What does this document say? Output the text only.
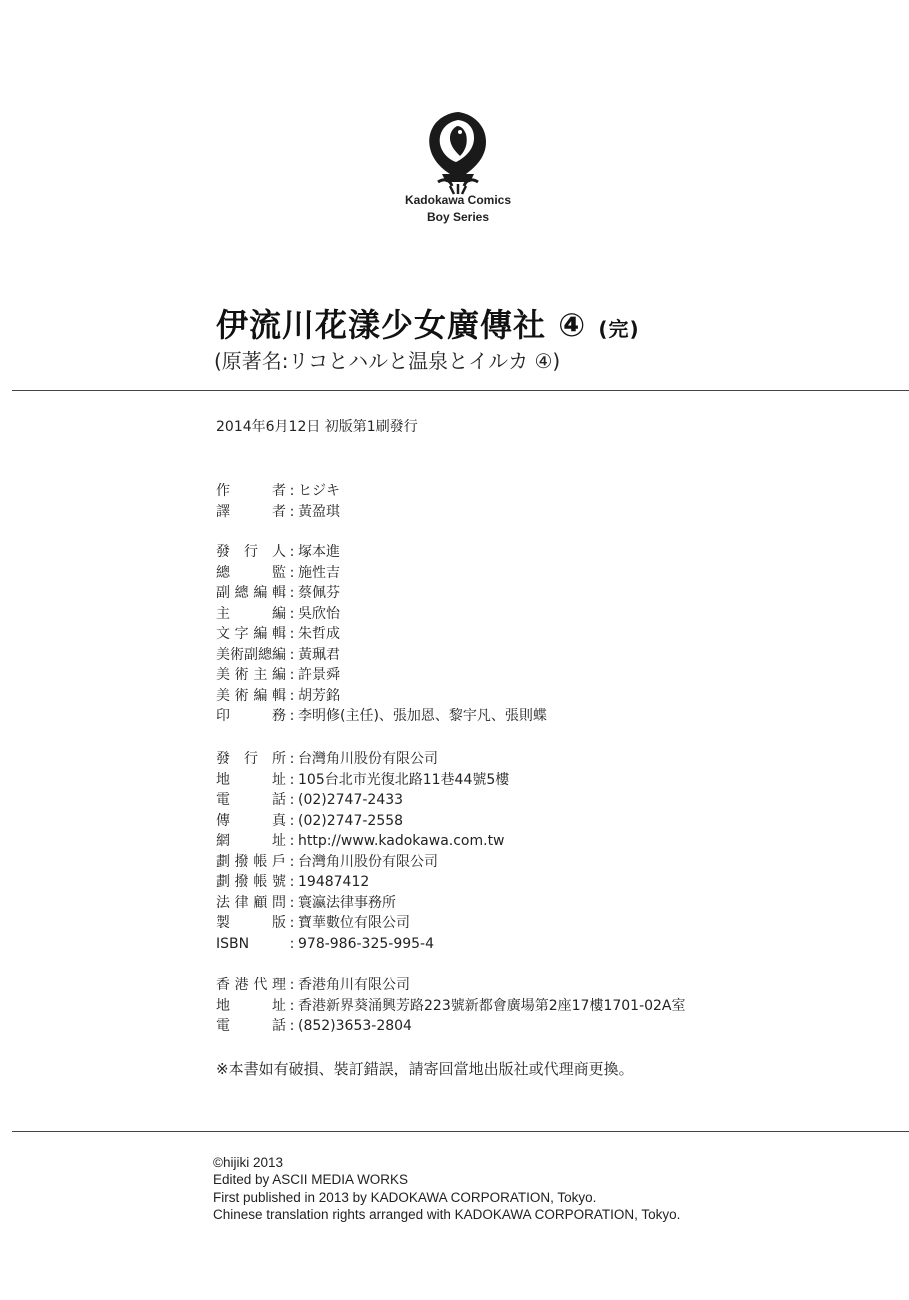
Kadokawa Comics
Boy Series
伊流川花漾少女廣傳社 ④ (完)
(原著名:リコとハルと温泉とイルカ ④)
2014年6月12日 初版第1刷發行
作者 : ヒジキ
譯者 : 黃盈琪
發行人 : 塚本進
總監 : 施性吉
副總編輯 : 蔡佩芬
主編 : 吳欣怡
文字編輯 : 朱哲成
美術副總編 : 黃珮君
美術主編 : 許景舜
美術編輯 : 胡芳銘
印務 : 李明修(主任)、張加恩、黎宇凡、張則蝶
發行所 : 台灣角川股份有限公司
地址 : 105台北市光復北路11巷44號5樓
電話 : (02)2747-2433
傳真 : (02)2747-2558
網址 : http://www.kadokawa.com.tw
劃撥帳戶 : 台灣角川股份有限公司
劃撥帳號 : 19487412
法律顧問 : 寰瀛法律事務所
製版 : 寶華數位有限公司
ISBN	: 978-986-325-995-4
香港代理 : 香港角川有限公司
地址 : 香港新界葵涌興芳路223號新都會廣場第2座17樓1701-02A室
電話 : (852)3653-2804
※本書如有破損、裝訂錯誤，請寄回當地出版社或代理商更換。
©hijiki 2013
Edited by ASCII MEDIA WORKS
First published in 2013 by KADOKAWA CORPORATION, Tokyo.
Chinese translation rights arranged with KADOKAWA CORPORATION, Tokyo.
